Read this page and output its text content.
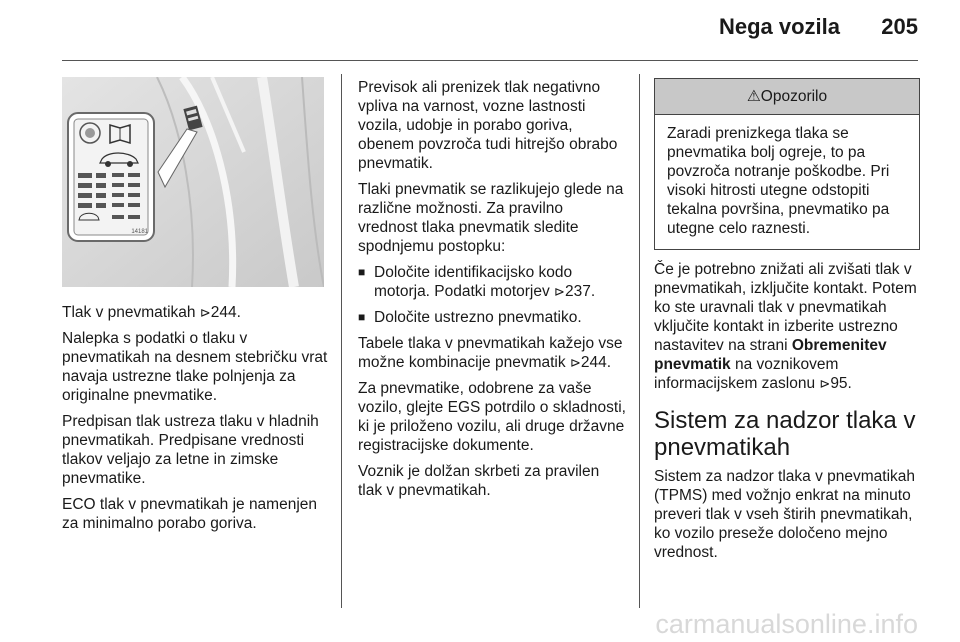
Nega vozila 205
14181

Tlak v pnevmatikah ⊳244.

Nalepka s podatki o tlaku v pnevmatikah na desnem stebričku vrat navaja ustrezne tlake polnjenja za originalne pnevmatike.

Predpisan tlak ustreza tlaku v hladnih pnevmatikah. Predpisane vrednosti tlakov veljajo za letne in zimske pnevmatike.

ECO tlak v pnevmatikah je namenjen za minimalno porabo goriva.

Previsok ali prenizek tlak negativno vpliva na varnost, vozne lastnosti vozila, udobje in porabo goriva, obenem povzroča tudi hitrejšo obrabo pnevmatik.

Tlaki pnevmatik se razlikujejo glede na različne možnosti. Za pravilno vrednost tlaka pnevmatik sledite spodnjemu postopku:

■ Določite identifikacijsko kodo motorja. Podatki motorjev ⊳237.
■ Določite ustrezno pnevmatiko.

Tabele tlaka v pnevmatikah kažejo vse možne kombinacije pnevmatik ⊳244.

Za pnevmatike, odobrene za vaše vozilo, glejte EGS potrdilo o skladnosti, ki je priloženo vozilu, ali druge državne registracijske dokumente.

Voznik je dolžan skrbeti za pravilen tlak v pnevmatikah.

⚠Opozorilo
Zaradi prenizkega tlaka se pnevmatika bolj ogreje, to pa povzroča notranje poškodbe. Pri visoki hitrosti utegne odstopiti tekalna površina, pnevmatiko pa utegne celo raznesti.

Če je potrebno znižati ali zvišati tlak v pnevmatikah, izključite kontakt. Potem ko ste uravnali tlak v pnevmatikah vključite kontakt in izberite ustrezno nastavitev na strani Obremenitev pnevmatik na voznikovem informacijskem zaslonu ⊳95.

Sistem za nadzor tlaka v pnevmatikah

Sistem za nadzor tlaka v pnevmatikah (TPMS) med vožnjo enkrat na minuto preveri tlak v vseh štirih pnevmatikah, ko vozilo preseže določeno mejno vrednost.

carmanualsonline.info
